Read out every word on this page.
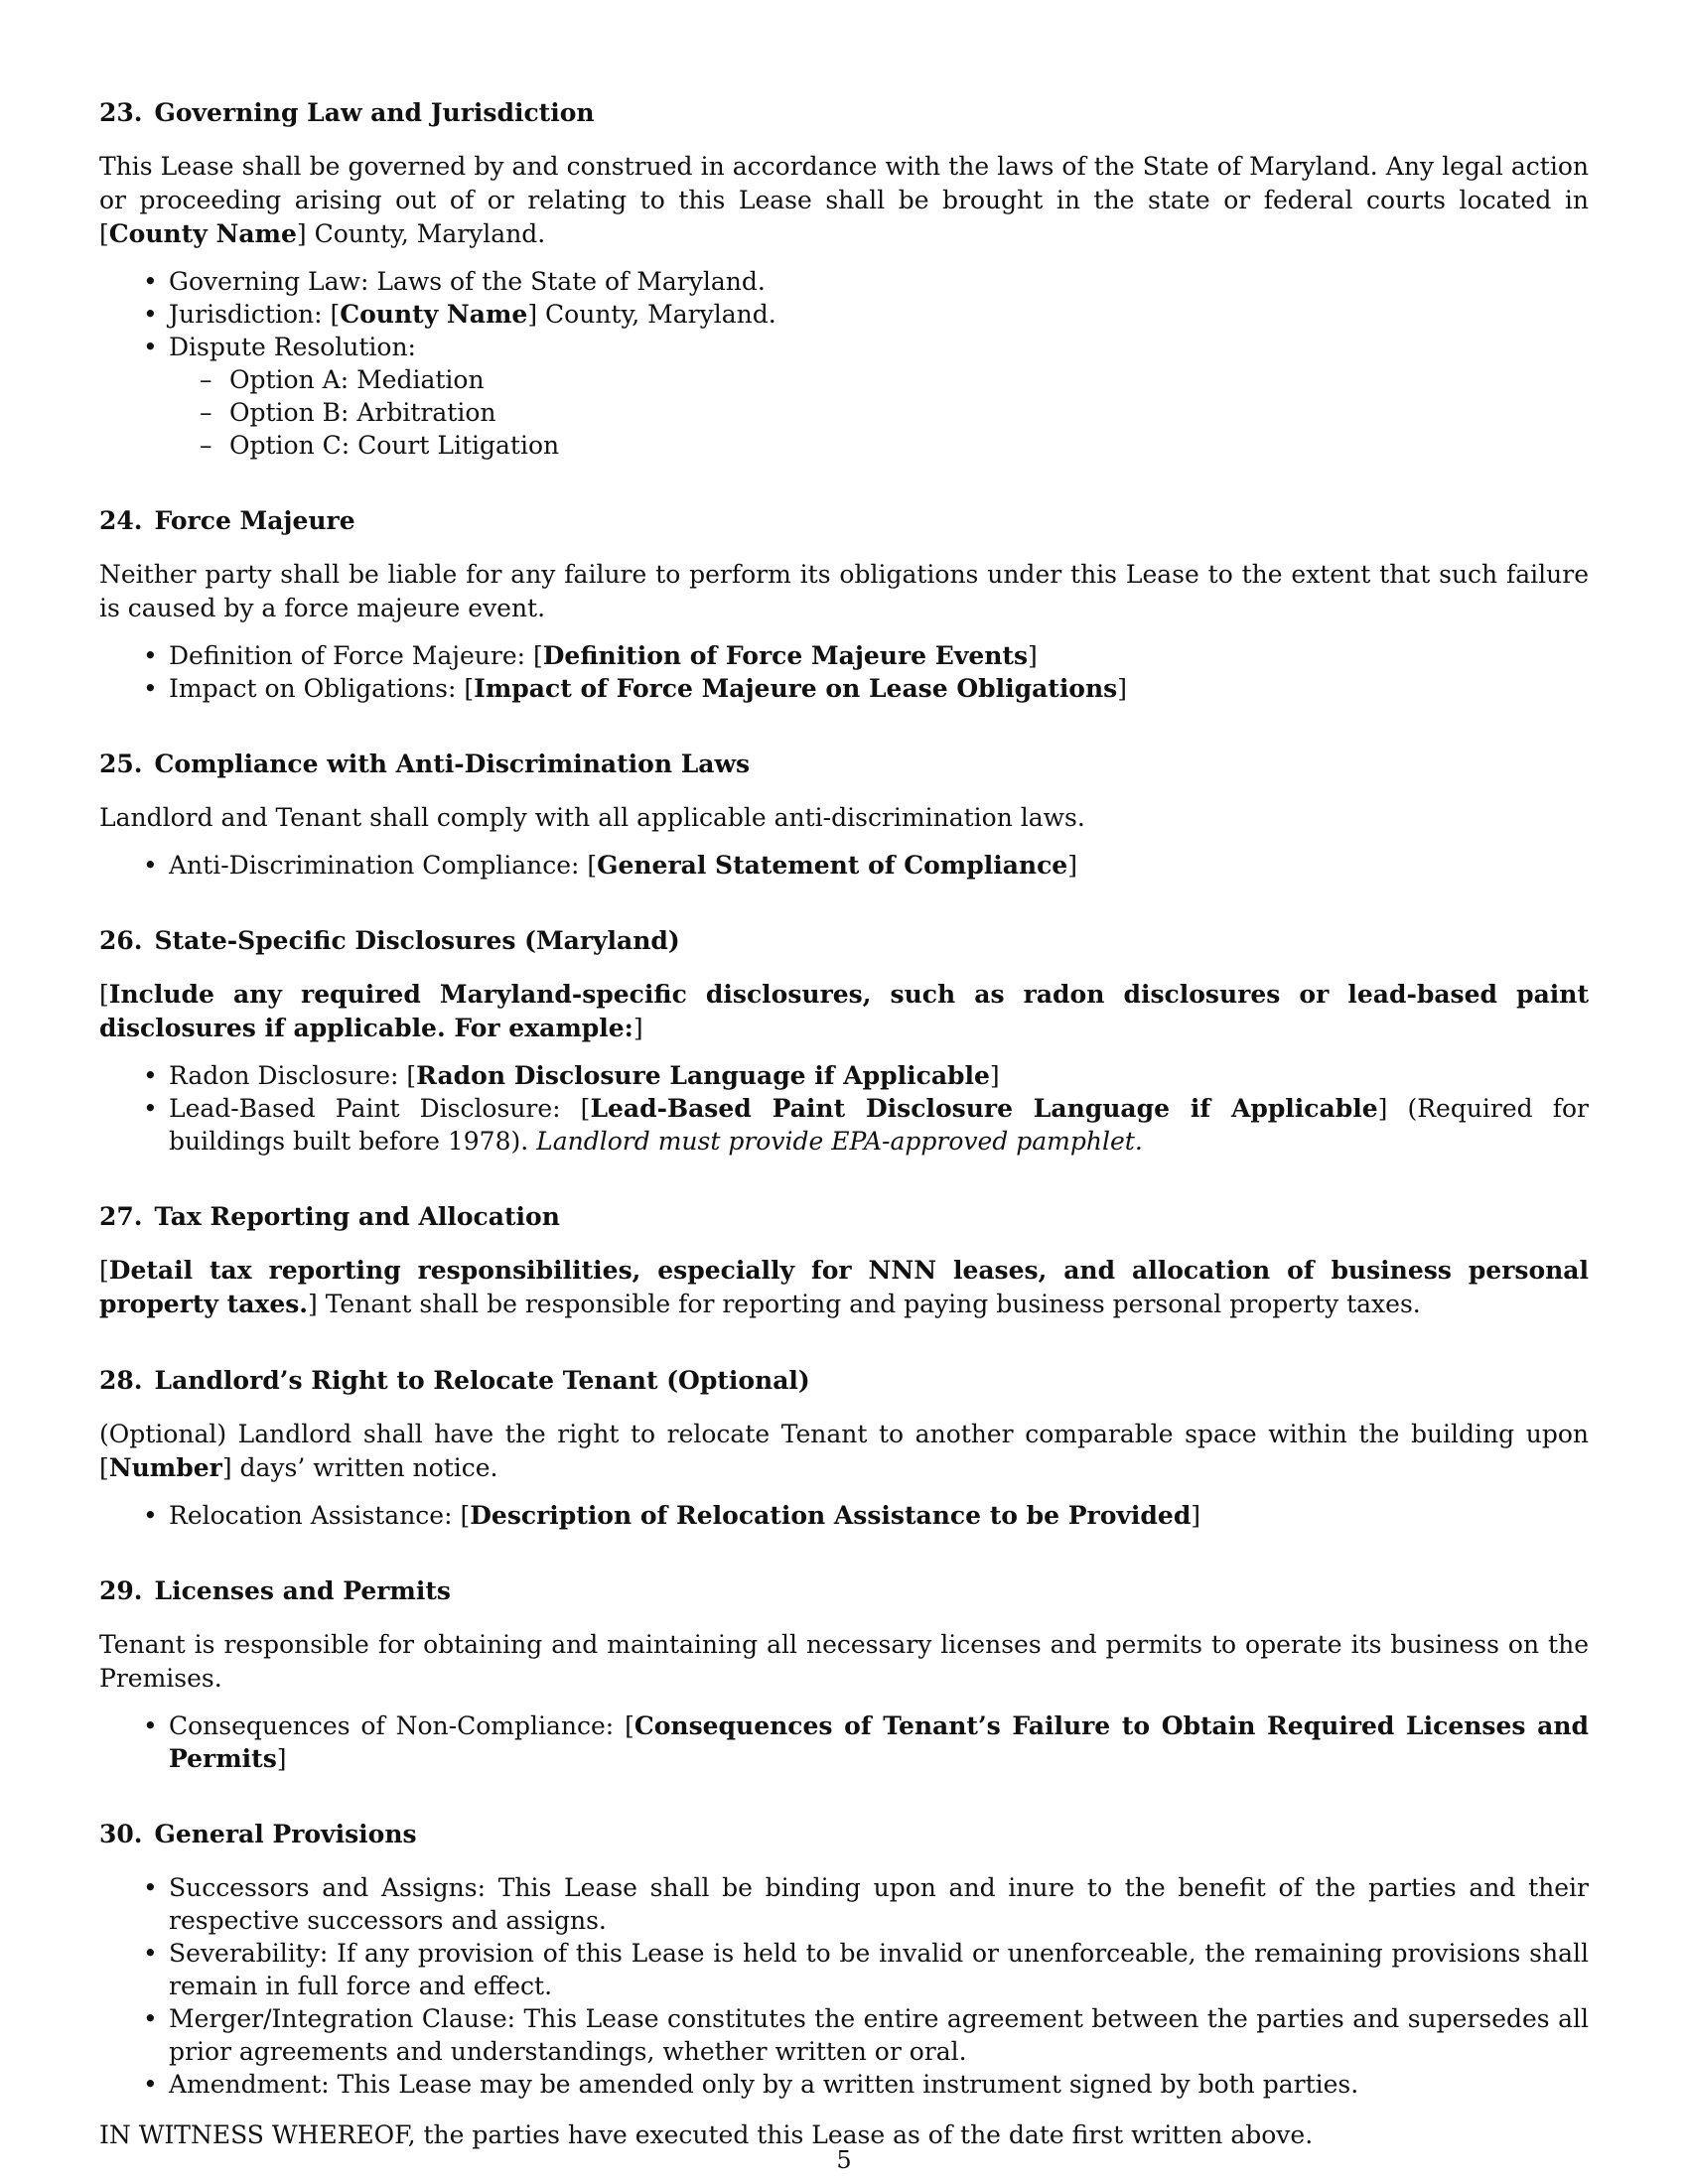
23. Governing Law and Jurisdiction

This Lease shall be governed by and construed in accordance with the laws of the State of Maryland. Any legal action or proceeding arising out of or relating to this Lease shall be brought in the state or federal courts located in [County Name] County, Maryland.

• Governing Law: Laws of the State of Maryland.
• Jurisdiction: [County Name] County, Maryland.
• Dispute Resolution:
– Option A: Mediation
– Option B: Arbitration
– Option C: Court Litigation
24. Force Majeure

Neither party shall be liable for any failure to perform its obligations under this Lease to the extent that such failure is caused by a force majeure event.

• Definition of Force Majeure: [Definition of Force Majeure Events]
• Impact on Obligations: [Impact of Force Majeure on Lease Obligations]
25. Compliance with Anti-Discrimination Laws

Landlord and Tenant shall comply with all applicable anti-discrimination laws.

• Anti-Discrimination Compliance: [General Statement of Compliance]
26. State-Specific Disclosures (Maryland)

[Include any required Maryland-specific disclosures, such as radon disclosures or lead-based paint disclosures if applicable. For example:]

• Radon Disclosure: [Radon Disclosure Language if Applicable]
• Lead-Based Paint Disclosure: [Lead-Based Paint Disclosure Language if Applicable] (Required for buildings built before 1978). Landlord must provide EPA-approved pamphlet.
27. Tax Reporting and Allocation

[Detail tax reporting responsibilities, especially for NNN leases, and allocation of business personal property taxes.] Tenant shall be responsible for reporting and paying business personal property taxes.

28. Landlord’s Right to Relocate Tenant (Optional)

(Optional) Landlord shall have the right to relocate Tenant to another comparable space within the building upon [Number] days’ written notice.

• Relocation Assistance: [Description of Relocation Assistance to be Provided]
29. Licenses and Permits

Tenant is responsible for obtaining and maintaining all necessary licenses and permits to operate its business on the Premises.

• Consequences of Non-Compliance: [Consequences of Tenant’s Failure to Obtain Required Licenses and Permits]
30. General Provisions
• Successors and Assigns: This Lease shall be binding upon and inure to the benefit of the parties and their respective successors and assigns.
• Severability: If any provision of this Lease is held to be invalid or unenforceable, the remaining provisions shall remain in full force and effect.
• Merger/Integration Clause: This Lease constitutes the entire agreement between the parties and supersedes all prior agreements and understandings, whether written or oral.
• Amendment: This Lease may be amended only by a written instrument signed by both parties.
IN WITNESS WHEREOF, the parties have executed this Lease as of the date first written above.
5
